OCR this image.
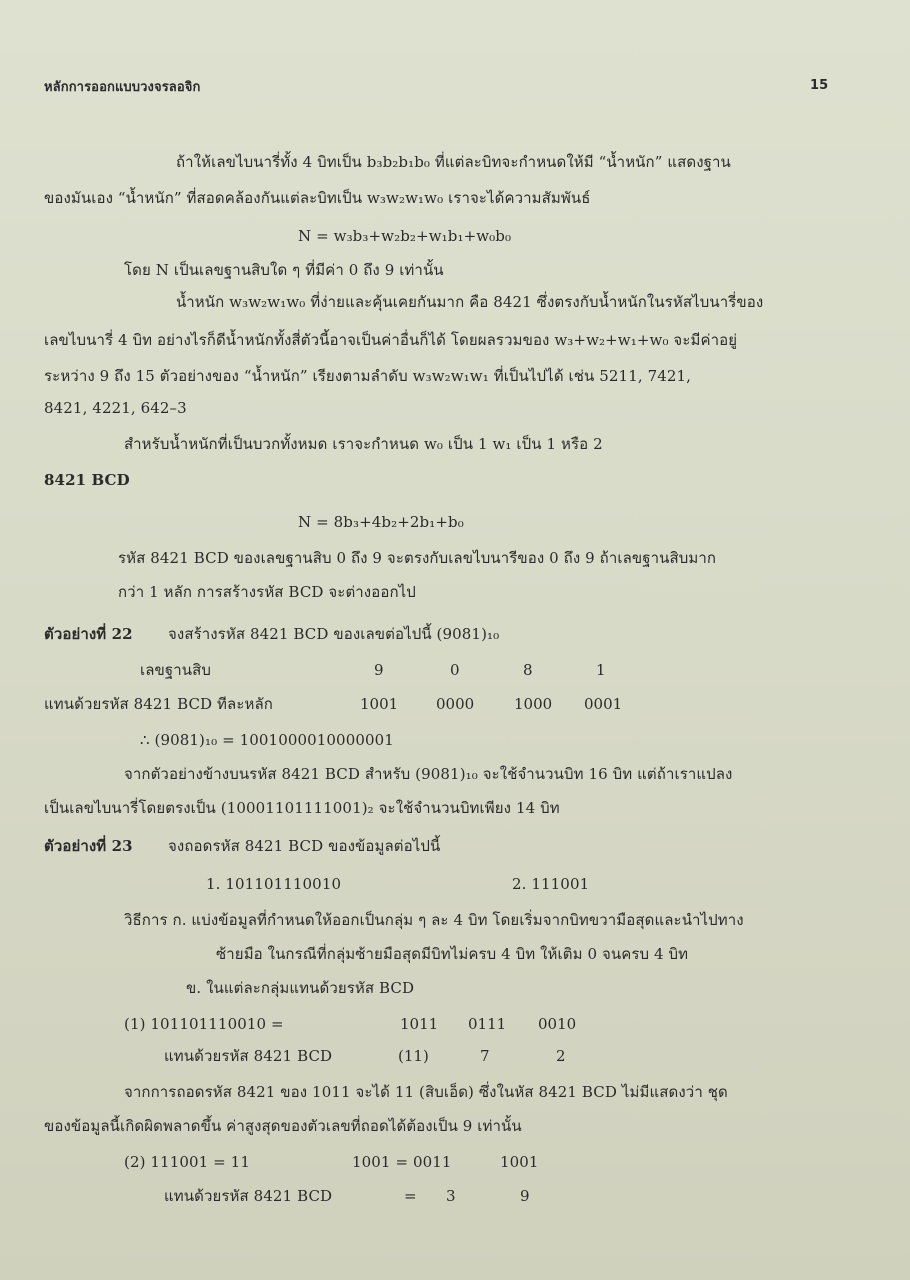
หลักการออกแบบวงจรลอจิก	15
ถ้าให้เลขไบนารี่ทั้ง 4 บิทเป็น b₃b₂b₁b₀ ที่แต่ละบิทจะกำหนดให้มี “น้ำหนัก” แสดงฐาน
ของมันเอง “น้ำหนัก” ที่สอดคล้องกันแต่ละบิทเป็น w₃w₂w₁w₀ เราจะได้ความสัมพันธ์
N = w₃b₃+w₂b₂+w₁b₁+w₀b₀
โดย N เป็นเลขฐานสิบใด ๆ ที่มีค่า 0 ถึง 9 เท่านั้น
น้ำหนัก w₃w₂w₁w₀ ที่ง่ายและคุ้นเคยกันมาก คือ 8421 ซึ่งตรงกับน้ำหนักในรหัสไบนารี่ของ
เลขไบนารี่ 4 บิท อย่างไรก็ดีน้ำหนักทั้งสี่ตัวนี้อาจเป็นค่าอื่นก็ได้ โดยผลรวมของ w₃+w₂+w₁+w₀ จะมีค่าอยู่
ระหว่าง 9 ถึง 15 ตัวอย่างของ “น้ำหนัก” เรียงตามลำดับ w₃w₂w₁w₁ ที่เป็นไปได้ เช่น 5211, 7421,
8421, 4221, 642–3
สำหรับน้ำหนักที่เป็นบวกทั้งหมด เราจะกำหนด w₀ เป็น 1 w₁ เป็น 1 หรือ 2
8421 BCD
N = 8b₃+4b₂+2b₁+b₀
รหัส 8421 BCD ของเลขฐานสิบ 0 ถึง 9 จะตรงกับเลขไบนารีของ 0 ถึง 9 ถ้าเลขฐานสิบมาก
กว่า 1 หลัก การสร้างรหัส BCD จะต่างออกไป
ตัวอย่างที่ 22 จงสร้างรหัส 8421 BCD ของเลขต่อไปนี้ (9081)₁₀
เลขฐานสิบ	9	0	8	1
แทนด้วยรหัส 8421 BCD ทีละหลัก	1001	0000	1000 0001
∴ (9081)₁₀ = 1001000010000001
จากตัวอย่างข้างบนรหัส 8421 BCD สำหรับ (9081)₁₀ จะใช้จำนวนบิท 16 บิท แต่ถ้าเราแปลง
เป็นเลขไบนารี่โดยตรงเป็น (10001101111001)₂ จะใช้จำนวนบิทเพียง 14 บิท
ตัวอย่างที่ 23 จงถอดรหัส 8421 BCD ของข้อมูลต่อไปนี้
1. 101101110010	2. 111001
วิธีการ ก. แบ่งข้อมูลที่กำหนดให้ออกเป็นกลุ่ม ๆ ละ 4 บิท โดยเริ่มจากบิทขวามือสุดและนำไปทาง
ซ้ายมือ ในกรณีที่กลุ่มซ้ายมือสุดมีบิทไม่ครบ 4 บิท ให้เติม 0 จนครบ 4 บิท
ข. ในแต่ละกลุ่มแทนด้วยรหัส BCD
(1) 101101110010 =	1011 0111 0010
แทนด้วยรหัส 8421 BCD	(11)	7	2
จากการถอดรหัส 8421 ของ 1011 จะได้ 11 (สิบเอ็ด) ซึ่งในหัส 8421 BCD ไม่มีแสดงว่า ชุด
ของข้อมูลนี้เกิดผิดพลาดขึ้น ค่าสูงสุดของตัวเลขที่ถอดได้ต้องเป็น 9 เท่านั้น
(2) 111001 = 11	1001 = 0011	1001
แทนด้วยรหัส 8421 BCD	= 3	9
